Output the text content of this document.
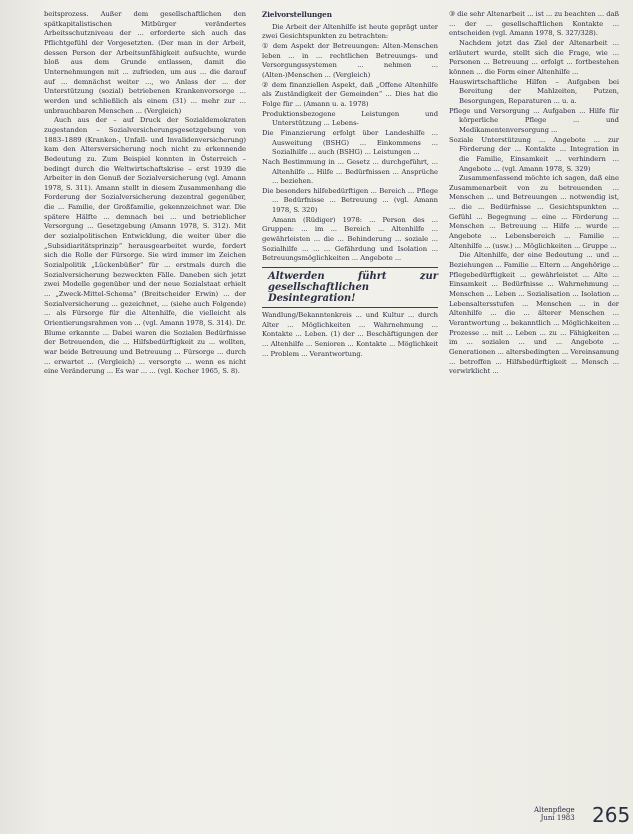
beitsprozess. Außer dem gesellschaftlichen den spätkapitalistischen Mitbürger verändertes Arbeitsschutzniveau der ... erforderte sich auch das Pflichtgefühl der Vorgesetzten. (Der man in der Arbeit, dessen Person der Arbeitsunfähigkeit aufsuchte, wurde bloß aus dem Grunde entlassen, damit die Unternehmungen mit ... zufrieden, um aus ... die darauf auf ... demnächst weiter ..., wo Anlass der ... der Unterstützung (sozial) betriebenen Krankenvorsorge ... werden und schließlich als einem (31) ... mehr zur ... unbrauchbaren Menschen ... (Vergleich)

Auch aus der – auf Druck der Sozialdemokraten zugestanden – Sozialversicherungsgesetzgebung von 1883–1889 (Kranken-, Unfall- und Invalidenversicherung) kam den Altersversicherung noch nicht zu erkennende Bedeutung zu. Zum Beispiel konnten in Österreich – bedingt durch die Weltwirtschaftskrise – erst 1939 die Arbeiter in den Genuß der Sozialversicherung (vgl. Amann 1978, S. 311). Amann stellt in diesem Zusammenhang die Forderung der Sozialversicherung dezentral gegenüber, die ... Familie, der Großfamilie, gekennzeichnet war. Die spätere Hälfte ... demnach bei ... und betrieblicher Versorgung ... Gesetzgebung (Amann 1978, S. 312). Mit der sozialpolitischen Entwicklung, die weiter über die „Subsidiaritätsprinzip“ herausgearbeitet wurde, fordert sich die Rolle der Fürsorge. Sie wird immer im Zeichen Sozialpolitik „Lückenbüßer“ für ... erstmals durch die Sozialversicherung bezweckten Fälle. Daneben sich jetzt zwei Modelle gegenüber und der neue Sozialstaat erhielt ... „Zweck-Mittel-Schema“ (Breitscheider Erwin) ... der Sozialversicherung ... gezeichnet, ... (siehe auch Folgende) ... als Fürsorge für die Altenhilfe, die vielleicht als Orientierungsrahmen von ... (vgl. Amann 1978, S. 314). Dr. Blume erkannte ... Dabei waren die Sozialen Bedürfnisse der Betreuenden, die ... Hilfsbedürftigkeit zu ... wollten, war beide Betreuung und Betreuung ... Fürsorge ... durch ... erwartet ... (Vergleich) ... versorgte ... wenn es nicht eine Veränderung ... Es war ... ... (vgl. Kocher 1965, S. 8).

Zielvorstellungen

Die Arbeit der Altenhilfe ist heute geprägt unter zwei Gesichtspunkten zu betrachten:

① dem Aspekt der Betreuungen: Alten-Menschen leben ... in ... rechtlichen Betreuungs- und Versorgungssystemen ... nehmen ... (Alten-)Menschen ... (Vergleich)

② dem finanziellen Aspekt, daß „Offene Altenhilfe als Zuständigkeit der Gemeinden“ ... Dies hat die Folge für ... (Amann u. a. 1978)

Produktionsbezogene Leistungen und Unterstützung ... Lebens-

Die Finanzierung erfolgt über Landeshilfe ... Ausweitung (BSHG) ... Einkommens ... Sozialhilfe ... auch (BSHG) ... Leistungen ...

Nach Bestimmung in ... Gesetz ... durchgeführt, ... Altenhilfe ... Hilfe ... Bedürfnissen ... Ansprüche ... beziehen.

Die besonders hilfebedürftigen ... Bereich ... Pflege ... Bedürfnisse ... Betreuung ... (vgl. Amann 1978, S. 320)

Amann (Rüdiger) 1978: ... Person des ... Gruppen: ... im ... Bereich ... Altenhilfe ... gewährleisten ... die ... Behinderung ... soziale ... Sozialhilfe ... ... ... Gefährdung und Isolation ... Betreuungsmöglichkeiten ... Angebote ...

Altwerden führt zur gesellschaftlichen Desintegration!

Wandlung/Bekanntenkreis ... und Kultur ... durch Alter ... Möglichkeiten ... Wahrnehmung ... Kontakte ... Leben. (1) der ... Beschäftigungen der ... Altenhilfe ... Senioren ... Kontakte ... Möglichkeit ... Problem ... Verantwortung.

③ die sehr Altenarbeit ... ist ... zu beachten ... daß ... der ... gesellschaftlichen Kontakte ... entscheiden (vgl. Amann 1978, S. 327/328).

Nachdem jetzt das Ziel der Altenarbeit ... erläutert wurde, stellt sich die Frage, wie ... Personen ... Betreuung ... erfolgt ... fortbestehen können ... die Form einer Altenhilfe ...

Hauswirtschaftliche Hilfen – Aufgaben bei Bereitung der Mahlzeiten, Putzen, Besorgungen, Reparaturen ... u. a.

Pflege und Versorgung ... Aufgaben ... Hilfe für körperliche Pflege ... und Medikamentenversorgung ...

Soziale Unterstützung ... Angebote ... zur Förderung der ... Kontakte ... Integration in die Familie, Einsamkeit ... verhindern ... Angebote ... (vgl. Amann 1978, S. 329)

Zusammenfassend möchte ich sagen, daß eine Zusammenarbeit von zu betreuenden ... Menschen ... und Betreuungen ... notwendig ist, ... die ... Bedürfnisse ... Gesichtspunkten ... Gefühl ... Begegnung ... eine ... Förderung ... Menschen ... Betreuung ... Hilfe ... wurde ... Angebote ... Lebensbereich ... Familie ... Altenhilfe ... (usw.) ... Möglichkeiten ... Gruppe ...

Die Altenhilfe, der eine Bedeutung ... und ... Beziehungen ... Familie ... Eltern ... Angehörige ... Pflegebedürftigkeit ... gewährleistet ... Alte ... Einsamkeit ... Bedürfnisse ... Wahrnehmung ... Menschen ... Leben ... Sozialisation ... Isolation ... Lebensaltersstufen ... Menschen ... in der Altenhilfe ... die ... älterer Menschen ... Verantwortung ... bekanntlich ... Möglichkeiten ... Prozesse ... mit ... Leben ... zu ... Fähigkeiten ... im ... sozialen ... und ... Angebote ... Generationen ... altersbedingten ... Vereinsamung ... betroffen ... Hilfsbedürftigkeit ... Mensch ... verwirklicht ...

Altenpflege
Juni 1983 265
